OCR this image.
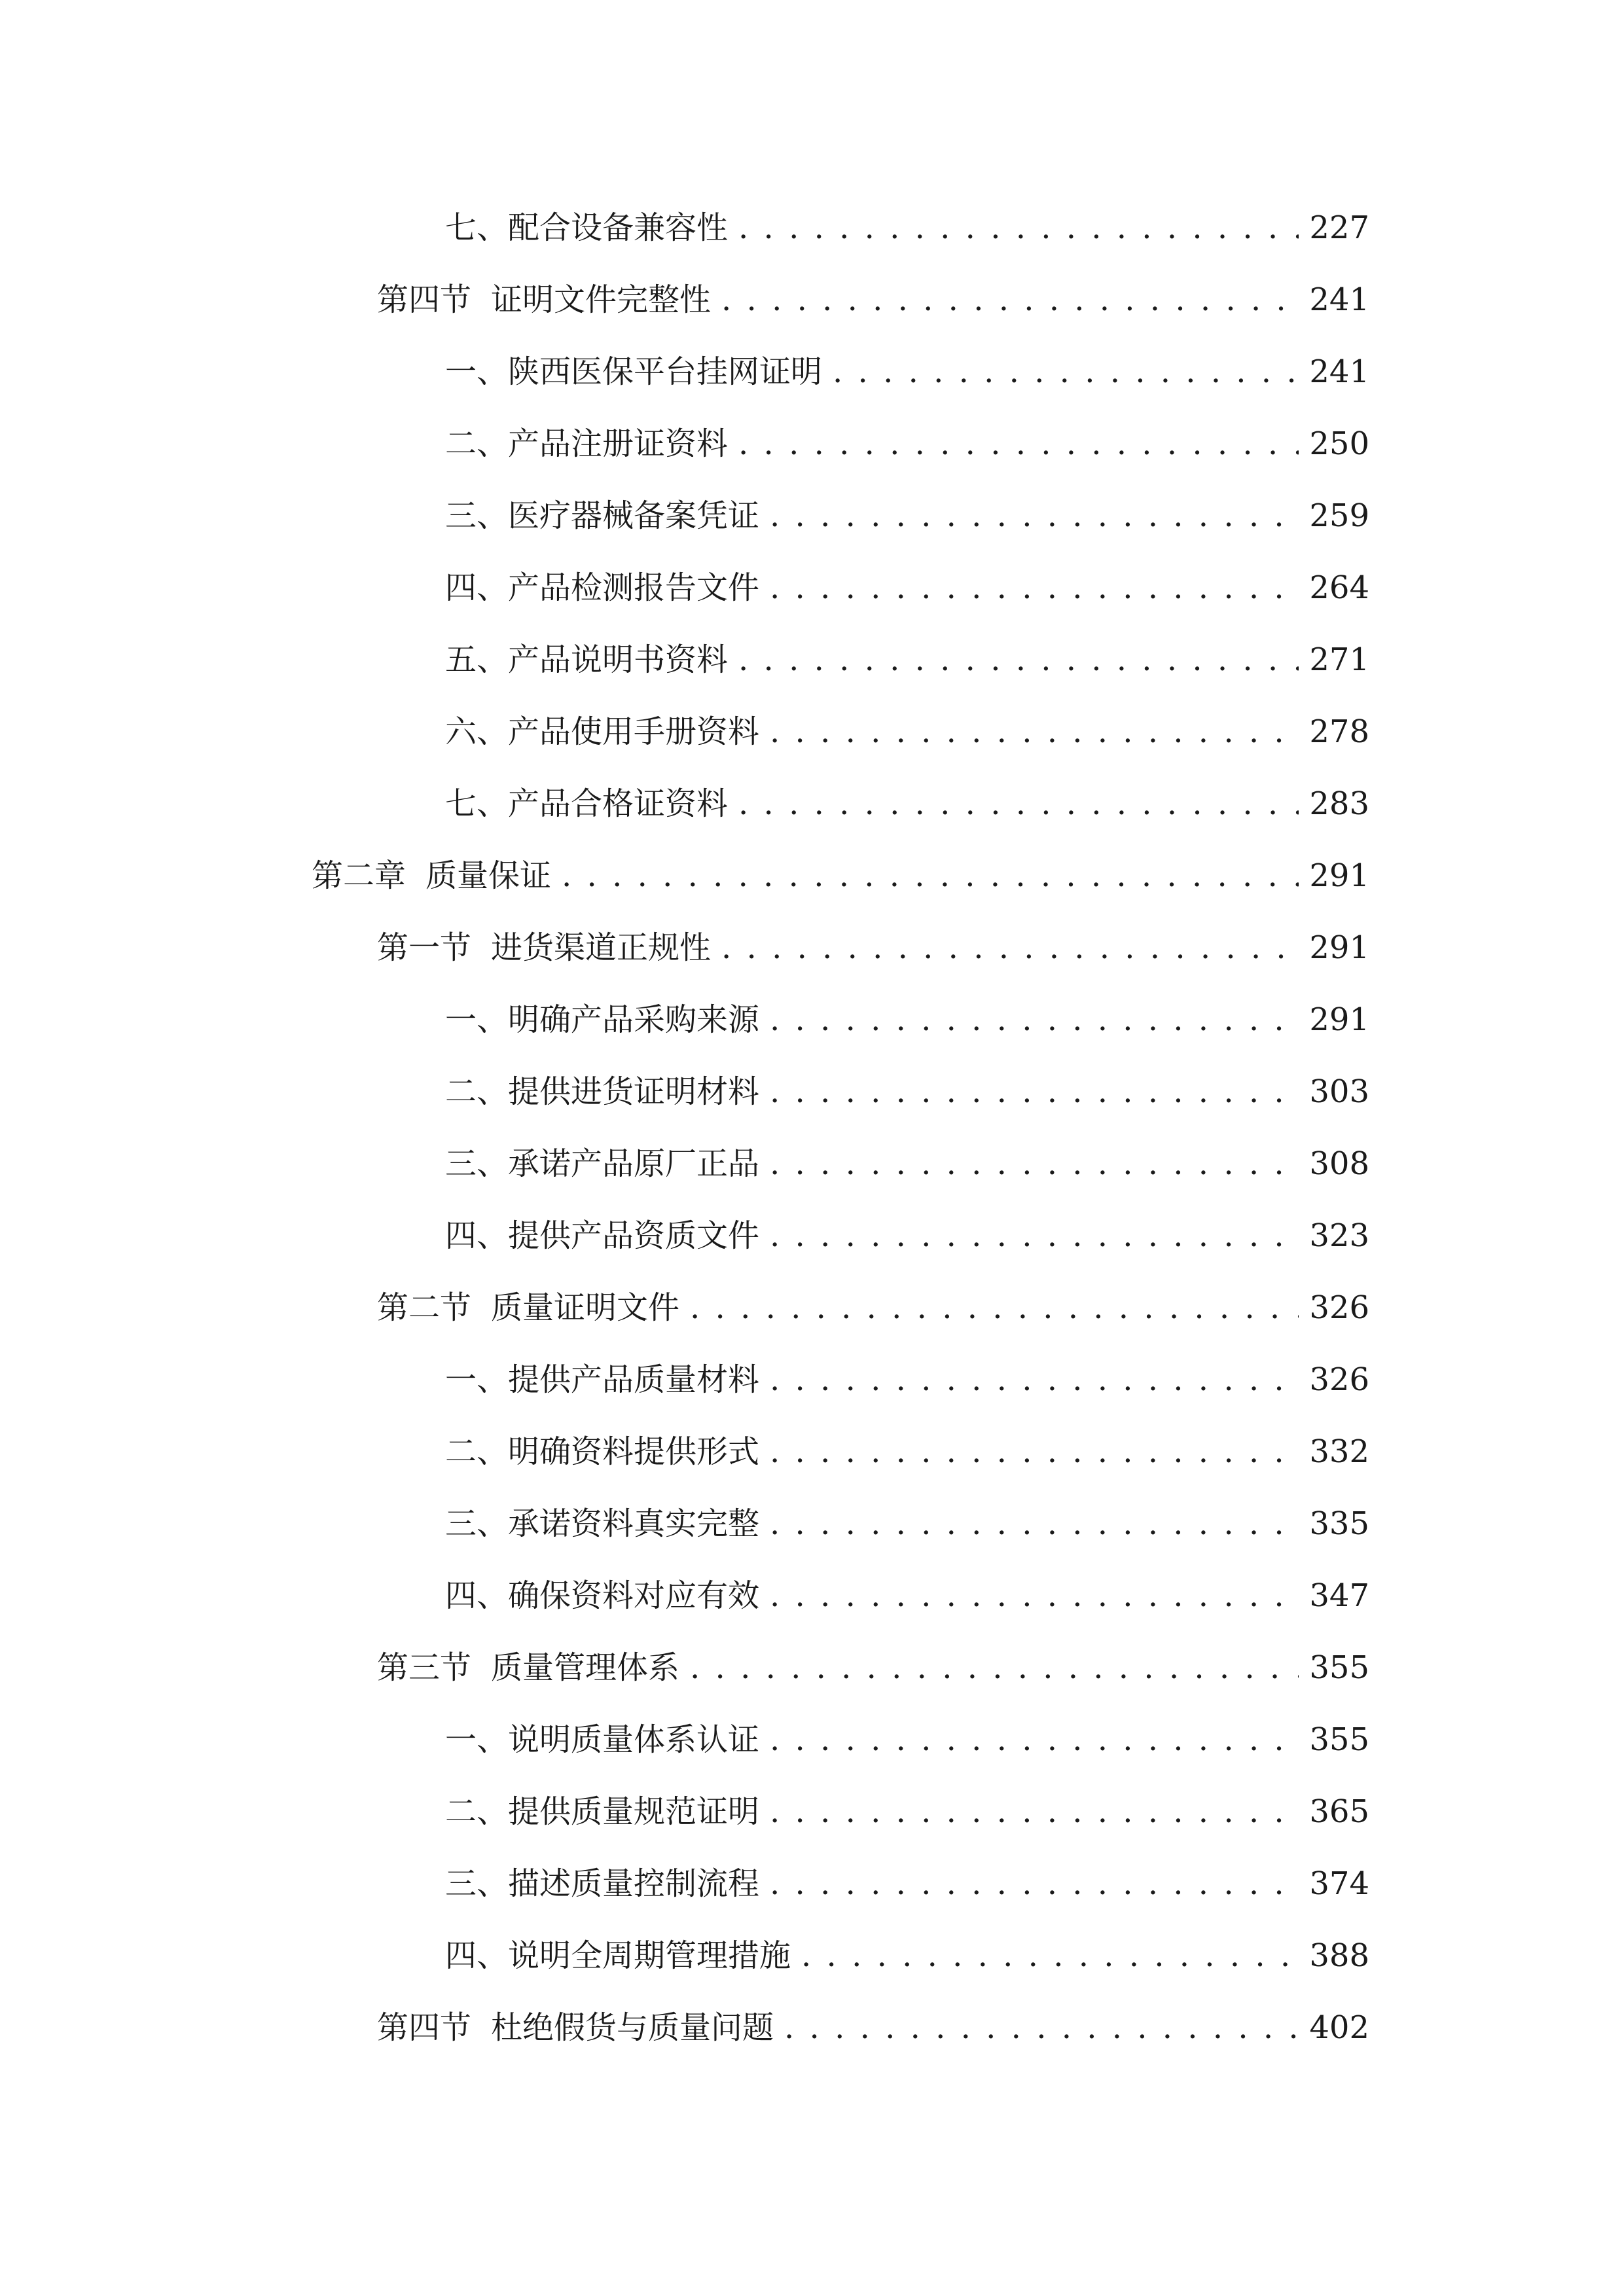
七、 配合设备兼容性 . . .	227
第四节 证明文件完整性 . . .	241
一、 陕西医保平台挂网证明 . . .	241
二、 产品注册证资料 . . .	250
三、 医疗器械备案凭证 . . .	259
四、 产品检测报告文件 . . .	264
五、 产品说明书资料 . . .	271
六、 产品使用手册资料 . . .	278
七、 产品合格证资料 . . .	283
第二章 质量保证 . . .	291
第一节 进货渠道正规性 . . .	291
一、 明确产品采购来源 . . .	291
二、 提供进货证明材料 . . .	303
三、 承诺产品原厂正品 . . .	308
四、 提供产品资质文件 . . .	323
第二节 质量证明文件 . . .	326
一、 提供产品质量材料 . . .	326
二、 明确资料提供形式 . . .	332
三、 承诺资料真实完整 . . .	335
四、 确保资料对应有效 . . .	347
第三节 质量管理体系 . . .	355
一、 说明质量体系认证 . . .	355
二、 提供质量规范证明 . . .	365
三、 描述质量控制流程 . . .	374
四、 说明全周期管理措施 . . .	388
第四节 杜绝假货与质量问题 . . .	402
